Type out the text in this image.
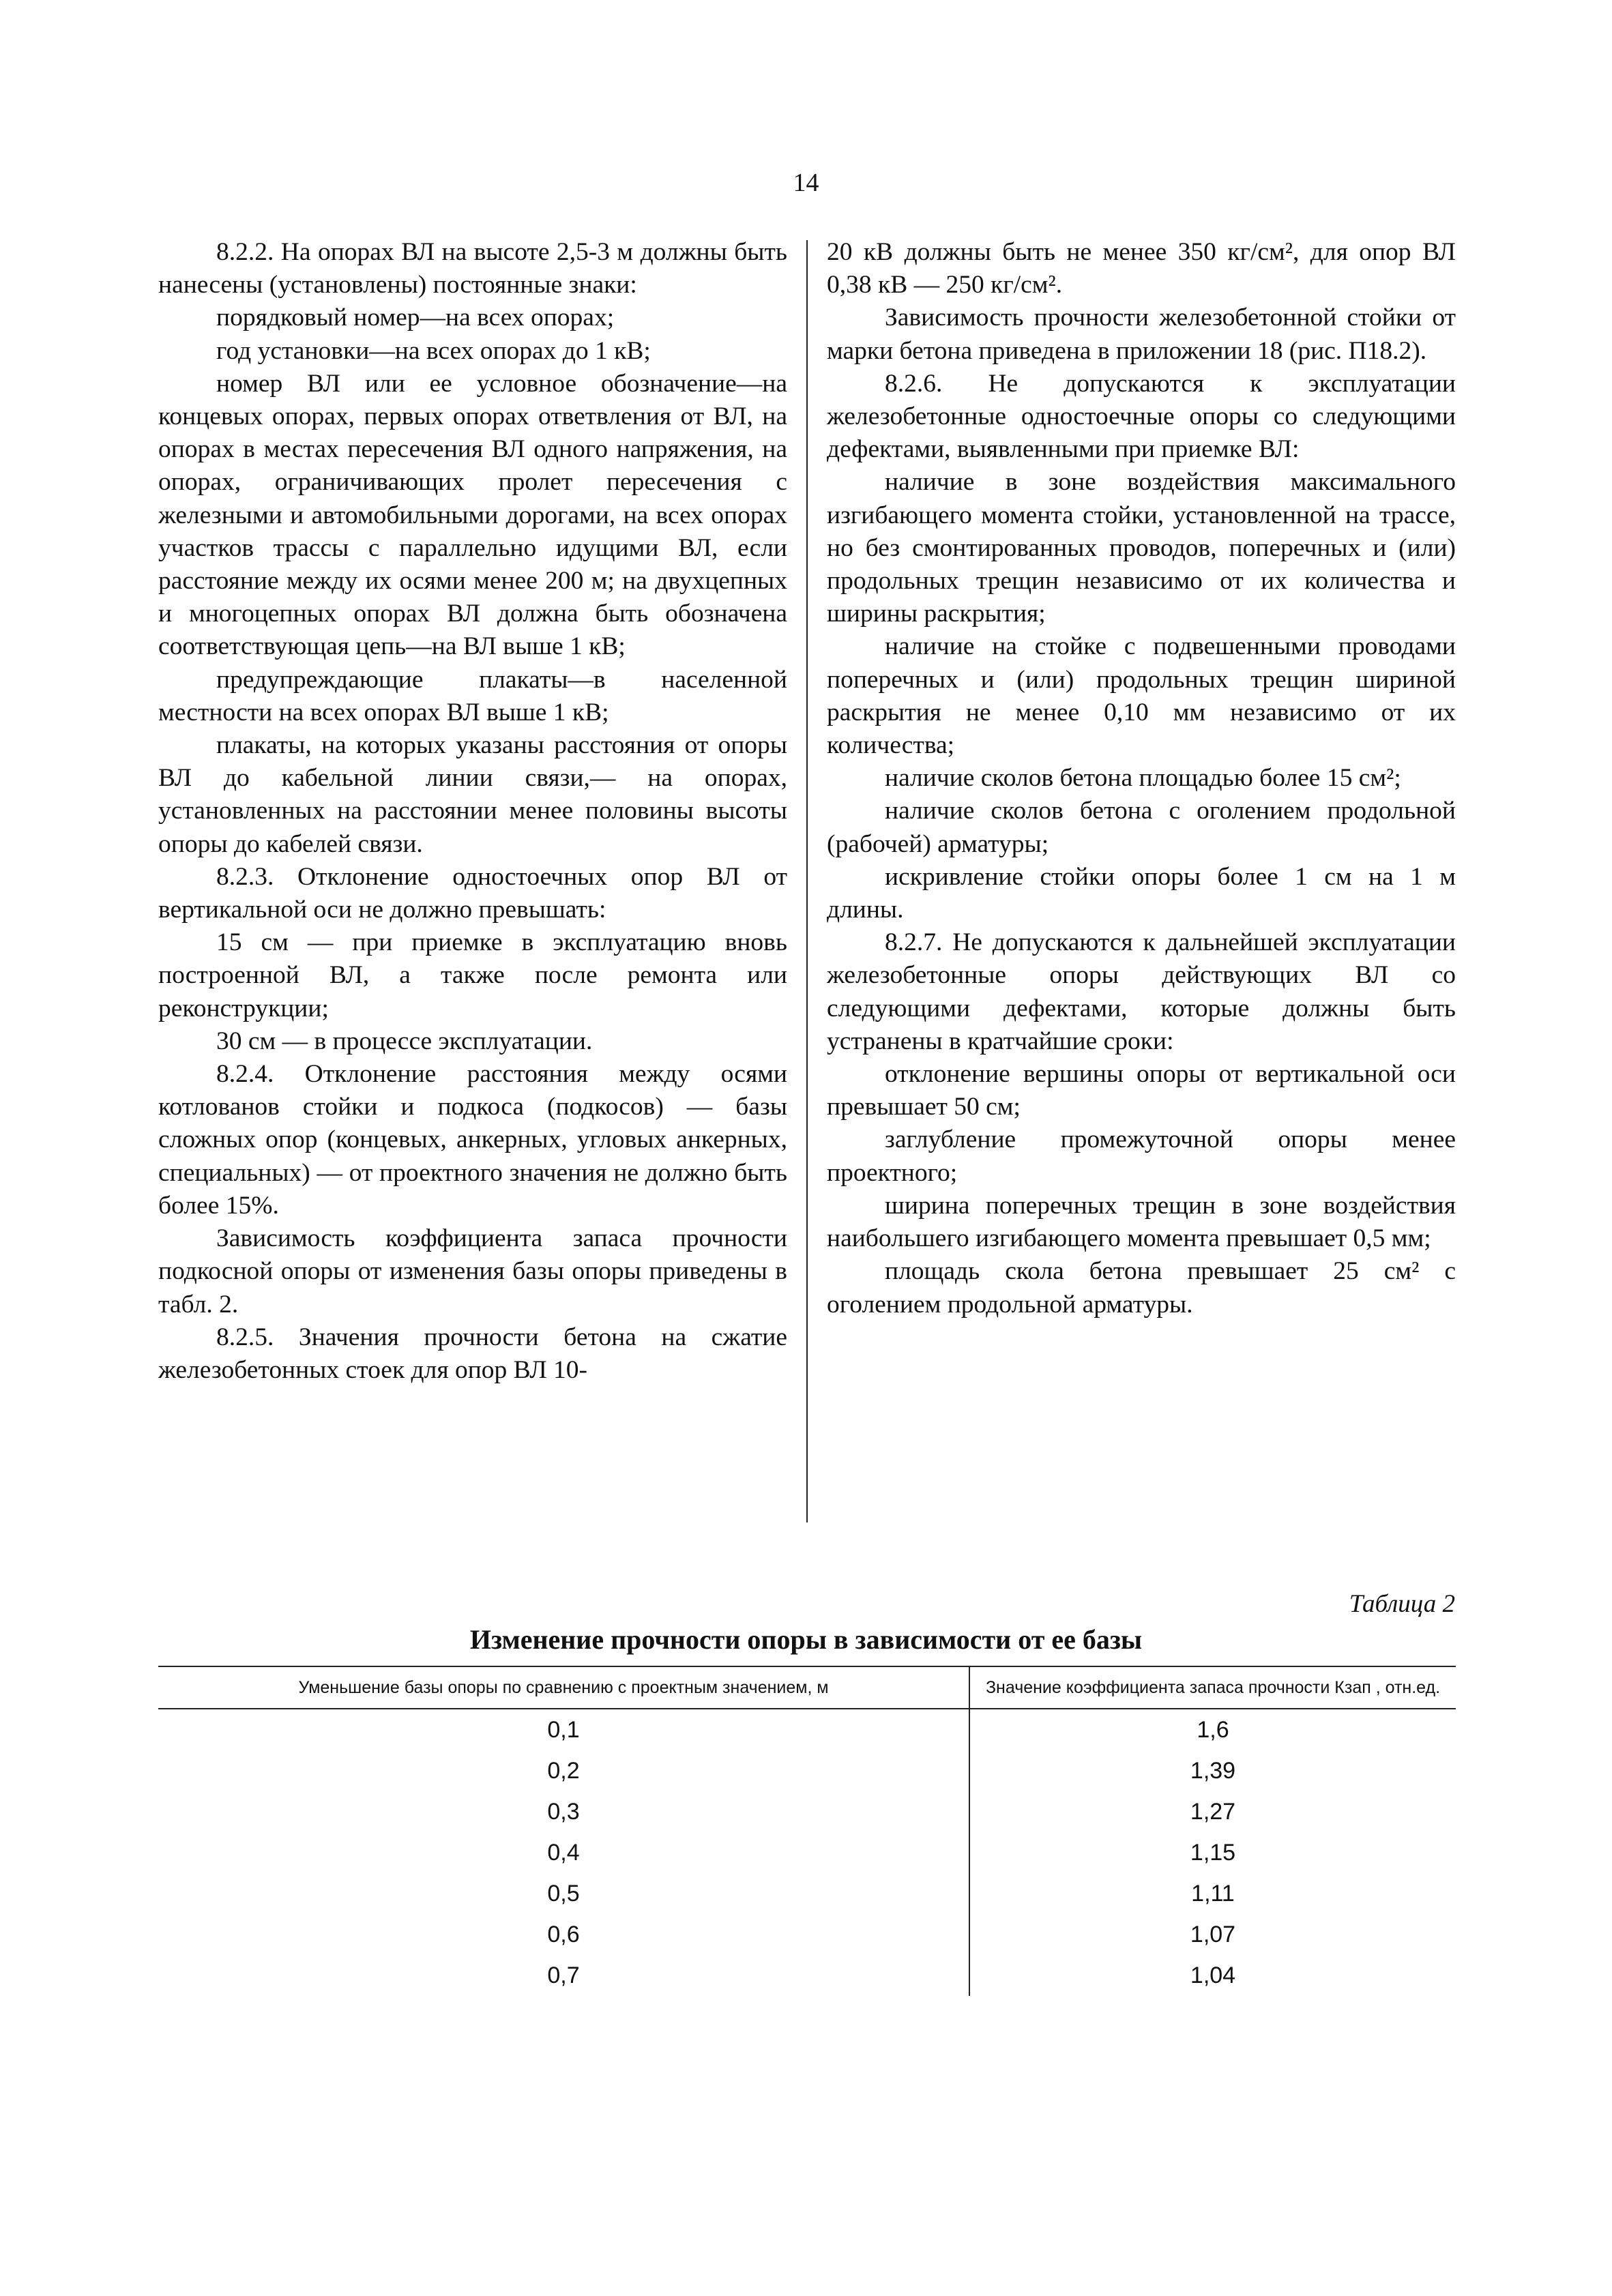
14

8.2.2. На опорах ВЛ на высоте 2,5-3 м должны быть нанесены (установлены) постоянные знаки:

порядковый номер—на всех опорах;

год установки—на всех опорах до 1 кВ;

номер ВЛ или ее условное обозначение—на концевых опорах, первых опорах ответвления от ВЛ, на опорах в местах пересечения ВЛ одного напряжения, на опорах, ограничивающих пролет пересечения с железными и автомобильными дорогами, на всех опорах участков трассы с параллельно идущими ВЛ, если расстояние между их осями менее 200 м; на двухцепных и многоцепных опорах ВЛ должна быть обозначена соответствующая цепь—на ВЛ выше 1 кВ;

предупреждающие плакаты—в населенной местности на всех опорах ВЛ выше 1 кВ;

плакаты, на которых указаны расстояния от опоры ВЛ до кабельной линии связи,— на опорах, установленных на расстоянии менее половины высоты опоры до кабелей связи.

8.2.3. Отклонение одностоечных опор ВЛ от вертикальной оси не должно превышать:

15 см — при приемке в эксплуатацию вновь построенной ВЛ, а также после ремонта или реконструкции;

30 см — в процессе эксплуатации.

8.2.4. Отклонение расстояния между осями котлованов стойки и подкоса (подкосов) — базы сложных опор (концевых, анкерных, угловых анкерных, специальных) — от проектного значения не должно быть более 15%.

Зависимость коэффициента запаса прочности подкосной опоры от изменения базы опоры приведены в табл. 2.

8.2.5. Значения прочности бетона на сжатие железобетонных стоек для опор ВЛ 10-

20 кВ должны быть не менее 350 кг/см², для опор ВЛ 0,38 кВ — 250 кг/см².

Зависимость прочности железобетонной стойки от марки бетона приведена в приложении 18 (рис. П18.2).

8.2.6. Не допускаются к эксплуатации железобетонные одностоечные опоры со следующими дефектами, выявленными при приемке ВЛ:

наличие в зоне воздействия максимального изгибающего момента стойки, установленной на трассе, но без смонтированных проводов, поперечных и (или) продольных трещин независимо от их количества и ширины раскрытия;

наличие на стойке с подвешенными проводами поперечных и (или) продольных трещин шириной раскрытия не менее 0,10 мм независимо от их количества;

наличие сколов бетона площадью более 15 см²;

наличие сколов бетона с оголением продольной (рабочей) арматуры;

искривление стойки опоры более 1 см на 1 м длины.

8.2.7. Не допускаются к дальнейшей эксплуатации железобетонные опоры действующих ВЛ со следующими дефектами, которые должны быть устранены в кратчайшие сроки:

отклонение вершины опоры от вертикальной оси превышает 50 см;

заглубление промежуточной опоры менее проектного;

ширина поперечных трещин в зоне воздействия наибольшего изгибающего момента превышает 0,5 мм;

площадь скола бетона превышает 25 см² с оголением продольной арматуры.

Таблица 2
Изменение прочности опоры в зависимости от ее базы
Уменьшение базы опоры по сравнению с проектным значением, м	Значение коэффициента запаса прочности Кзап , отн.ед.
0,1	1,6
0,2	1,39
0,3	1,27
0,4	1,15
0,5	1,11
0,6	1,07
0,7	1,04
